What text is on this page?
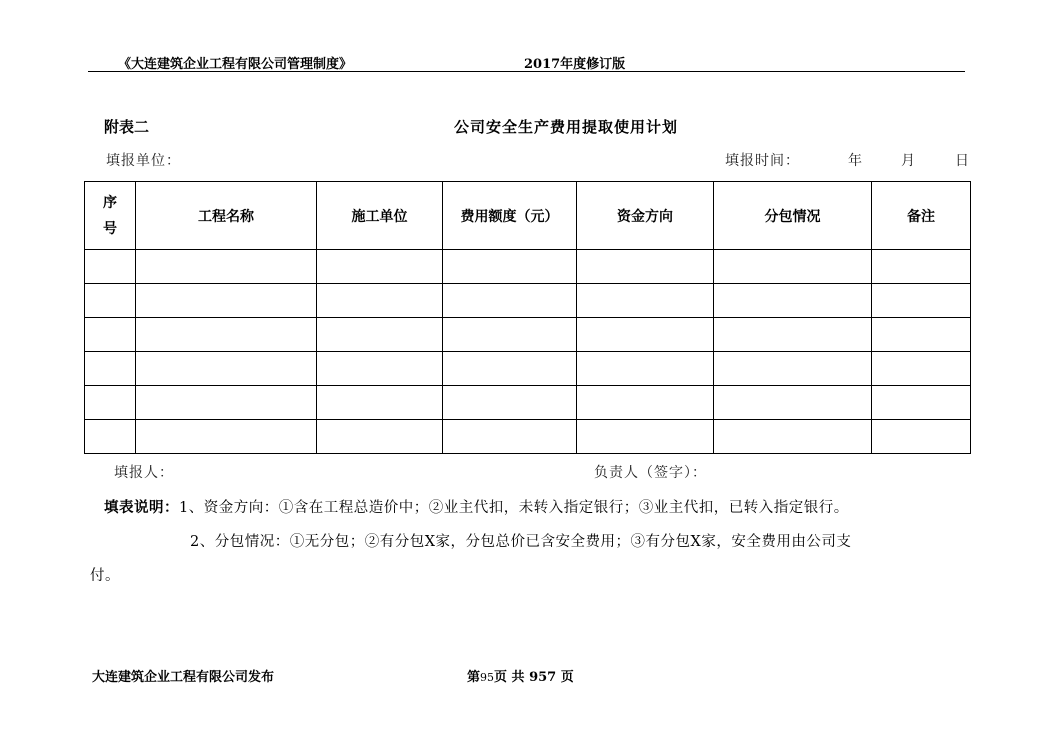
《大连建筑企业工程有限公司管理制度》	2017年度修订版
附表二	公司安全生产费用提取使用计划
填报单位：	填报时间：	年	月	日
序
号	工程名称	施工单位	费用额度（元）	资金方向	分包情况	备注

填报人：	负责人（签字）：
填表说明：1、资金方向：①含在工程总造价中；②业主代扣，未转入指定银行；③业主代扣，已转入指定银行。
2、分包情况：①无分包；②有分包X家，分包总价已含安全费用；③有分包X家，安全费用由公司支
付。
大连建筑企业工程有限公司发布	第95页 共 957 页
